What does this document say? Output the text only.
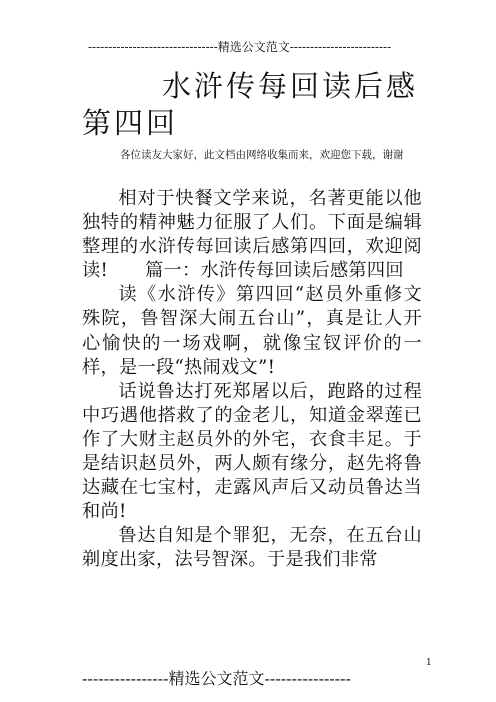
--------------------------------精选公文范文-------------------------
水浒传每回读后感
第四回
各位读友大家好，此文档由网络收集而来，欢迎您下载，谢谢

相对于快餐文学来说，名著更能以他独特的精神魅力征服了人们。下面是编辑整理的水浒传每回读后感第四回，欢迎阅读!　　篇一：水浒传每回读后感第四回

读《水浒传》第四回“赵员外重修文殊院，鲁智深大闹五台山”，真是让人开心愉快的一场戏啊，就像宝钗评价的一样，是一段“热闹戏文”!

话说鲁达打死郑屠以后，跑路的过程中巧遇他搭救了的金老儿，知道金翠莲已作了大财主赵员外的外宅，衣食丰足。于是结识赵员外，两人颇有缘分，赵先将鲁达藏在七宝村，走露风声后又动员鲁达当和尚!

鲁达自知是个罪犯，无奈，在五台山剃度出家，法号智深。于是我们非常

1
----------------精选公文范文----------------
